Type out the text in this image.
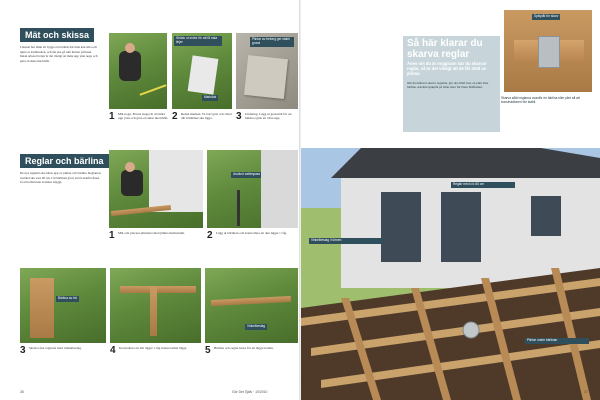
Mät och skissa
Läsaren har tänkt att bygga ett trädäck där man kan sitta och njuta av kvällssolen, och det ska gå runt hörnet på huset. Innan arbetet börjar är det viktigt att mäta upp ytan noga och göra en skiss med mått.
Sträck ut snöre för att få raka linjer
Markduk
Plintar av betong ger stabil grund
1 Mät noga. Första steget är att mäta upp ytan och göra en skiss med mått. 2 Rensa marken. Ta bort gräs och rötter där trädäcket ska ligga.	3 Underlag. Lägg ut geotextil för att hindra ogräs att växa upp.
Reglar och bärlina
De nya reglarna ska bäras upp av plintar och bärlina. Reglarnas avstånd ska vara 60 cm. Låt bärlinan gå ut en bit utanför huset så att trallen kan avslutas snyggt.
Använd vattenpass
1 Mät och placera plintarna med jämna mellanrum.	2 Lägg ut bärlinan och kontrollera att den ligger i våg.
Bärlina av trä
Vinkelbeslag
3 Skruva fast reglarna med vinkelbeslag.	4 Kontrollera att allt ligger i våg innan trallen läggs.	5 Bärlina och reglar klara för att lägga trallen.
36	Gör Det Själv · 10/2010
Så här klarar du skarva reglar
Även om du är noggrann när du skarvar reglar, så är det viktigt att de får stöd av plintar.
Om du behöver skarva reglarna, gör det alltid över en plint eller bärlina. Använd spikplåt på båda sidor för bästa hållfasthet.
Spikplåt för skarv
Skarva alltid reglarna ovanför en bärlina eller plint så att konstruktionen blir stabil.
Vinkelbeslag i hörnen
Reglar med c/c 60 cm
Plintar under bärlinan
37
